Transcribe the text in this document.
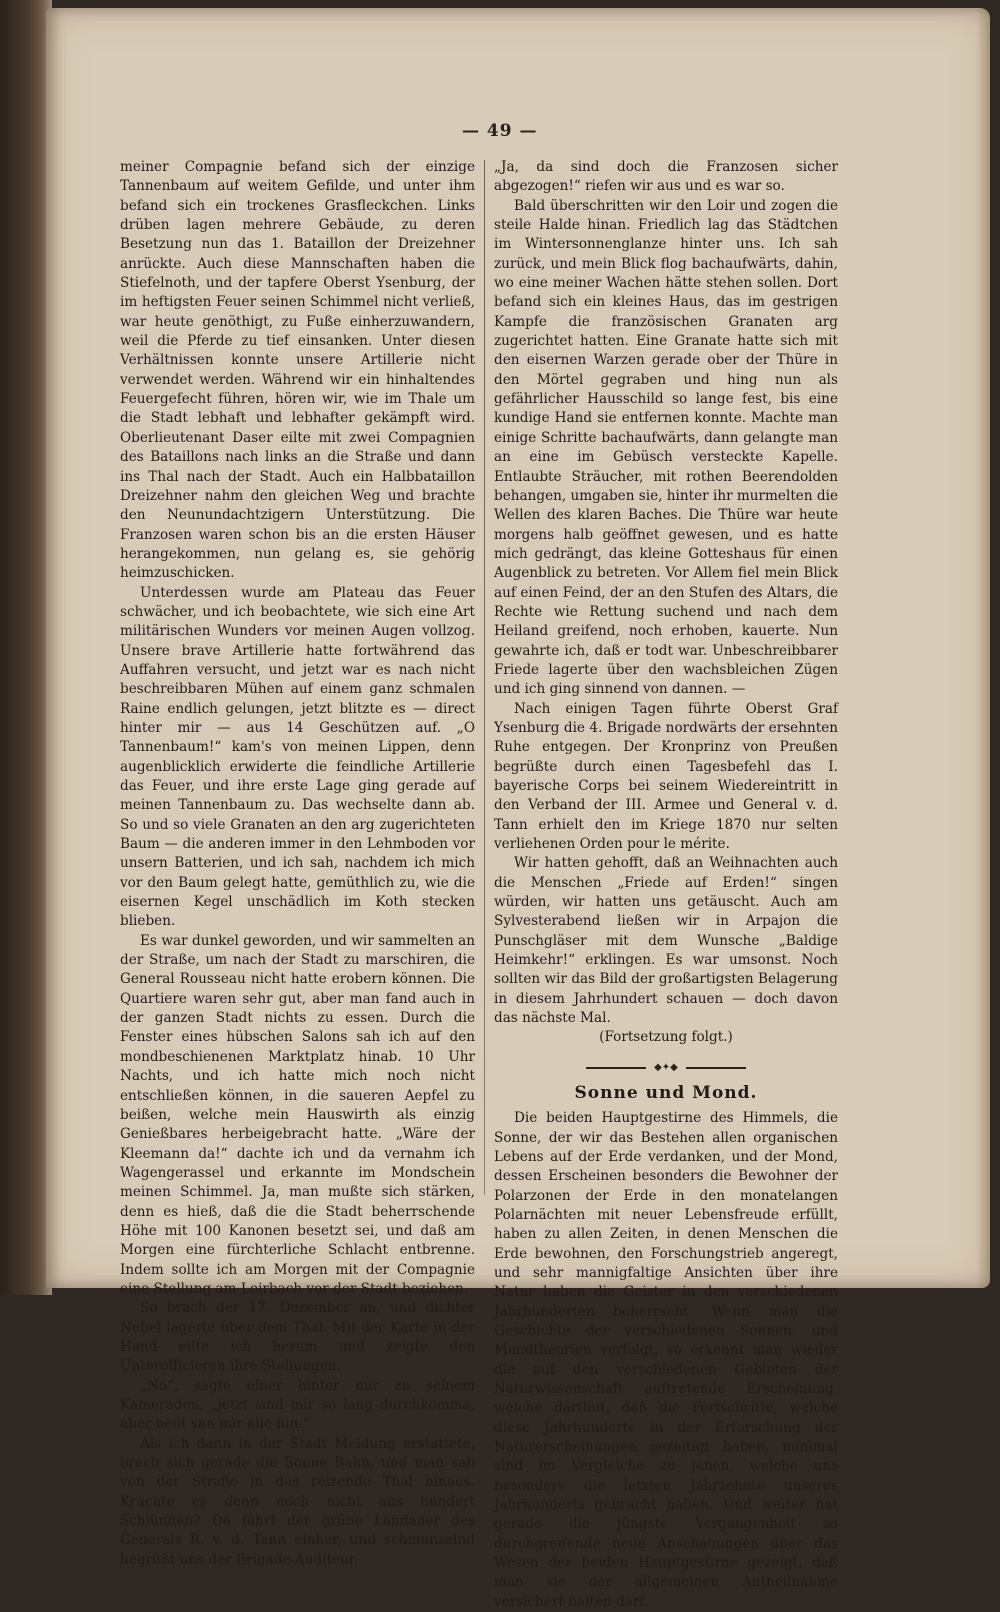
— 49 —

meiner Compagnie befand sich der einzige Tannenbaum auf weitem Gefilde, und unter ihm befand sich ein trockenes Grasfleckchen. Links drüben lagen mehrere Gebäude, zu deren Besetzung nun das 1. Bataillon der Dreizehner anrückte. Auch diese Mannschaften haben die Stiefelnoth, und der tapfere Oberst Ysenburg, der im heftigsten Feuer seinen Schimmel nicht verließ, war heute genöthigt, zu Fuße einherzuwandern, weil die Pferde zu tief einsanken. Unter diesen Verhältnissen konnte unsere Artillerie nicht verwendet werden. Während wir ein hinhaltendes Feuergefecht führen, hören wir, wie im Thale um die Stadt lebhaft und lebhafter gekämpft wird. Oberlieutenant Daser eilte mit zwei Compagnien des Bataillons nach links an die Straße und dann ins Thal nach der Stadt. Auch ein Halbbataillon Dreizehner nahm den gleichen Weg und brachte den Neunundachtzigern Unterstützung. Die Franzosen waren schon bis an die ersten Häuser herangekommen, nun gelang es, sie gehörig heimzuschicken.

Unterdessen wurde am Plateau das Feuer schwächer, und ich beobachtete, wie sich eine Art militärischen Wunders vor meinen Augen vollzog. Unsere brave Artillerie hatte fortwährend das Auffahren versucht, und jetzt war es nach nicht beschreibbaren Mühen auf einem ganz schmalen Raine endlich gelungen, jetzt blitzte es — direct hinter mir — aus 14 Geschützen auf. „O Tannenbaum!“ kam's von meinen Lippen, denn augenblicklich erwiderte die feindliche Artillerie das Feuer, und ihre erste Lage ging gerade auf meinen Tannenbaum zu. Das wechselte dann ab. So und so viele Granaten an den arg zugerichteten Baum — die anderen immer in den Lehmboden vor unsern Batterien, und ich sah, nachdem ich mich vor den Baum gelegt hatte, gemüthlich zu, wie die eisernen Kegel unschädlich im Koth stecken blieben.

Es war dunkel geworden, und wir sammelten an der Straße, um nach der Stadt zu marschiren, die General Rousseau nicht hatte erobern können. Die Quartiere waren sehr gut, aber man fand auch in der ganzen Stadt nichts zu essen. Durch die Fenster eines hübschen Salons sah ich auf den mondbeschienenen Marktplatz hinab. 10 Uhr Nachts, und ich hatte mich noch nicht entschließen können, in die saueren Aepfel zu beißen, welche mein Hauswirth als einzig Genießbares herbeigebracht hatte. „Wäre der Kleemann da!“ dachte ich und da vernahm ich Wagengerassel und erkannte im Mondschein meinen Schimmel. Ja, man mußte sich stärken, denn es hieß, daß die die Stadt beherrschende Höhe mit 100 Kanonen besetzt sei, und daß am Morgen eine fürchterliche Schlacht entbrenne. Indem sollte ich am Morgen mit der Compagnie eine Stellung am Loirbach vor der Stadt beziehen.

So brach der 17. Dezember an, und dichter Nebel lagerte über dem Thal. Mit der Karte in der Hand eilte ich herum und zeigte den Unterofficieren ihre Stellungen.

„No“, sagte einer hinter mir zu seinem Kameraden, „jetzt sind mir so lang durchkomma, aber heut san mir alle hin.“

Als ich dann in der Stadt Meldung erstattete, brach sich gerade die Sonne Bahn, und man sah von der Straße in das reizende Thal hinaus. Krachte es denn noch nicht aus hundert Schlünden? Da fährt der grüne Landauer des Generals R. v. d. Tann einher, und schmunzelnd begrüßt uns der Brigade-Auditeur.

„Ja, da sind doch die Franzosen sicher abgezogen!“ riefen wir aus und es war so.

Bald überschritten wir den Loir und zogen die steile Halde hinan. Friedlich lag das Städtchen im Wintersonnenglanze hinter uns. Ich sah zurück, und mein Blick flog bachaufwärts, dahin, wo eine meiner Wachen hätte stehen sollen. Dort befand sich ein kleines Haus, das im gestrigen Kampfe die französischen Granaten arg zugerichtet hatten. Eine Granate hatte sich mit den eisernen Warzen gerade ober der Thüre in den Mörtel gegraben und hing nun als gefährlicher Hausschild so lange fest, bis eine kundige Hand sie entfernen konnte. Machte man einige Schritte bachaufwärts, dann gelangte man an eine im Gebüsch versteckte Kapelle. Entlaubte Sträucher, mit rothen Beerendolden behangen, umgaben sie, hinter ihr murmelten die Wellen des klaren Baches. Die Thüre war heute morgens halb geöffnet gewesen, und es hatte mich gedrängt, das kleine Gotteshaus für einen Augenblick zu betreten. Vor Allem fiel mein Blick auf einen Feind, der an den Stufen des Altars, die Rechte wie Rettung suchend und nach dem Heiland greifend, noch erhoben, kauerte. Nun gewahrte ich, daß er todt war. Unbeschreibbarer Friede lagerte über den wachsbleichen Zügen und ich ging sinnend von dannen. —

Nach einigen Tagen führte Oberst Graf Ysenburg die 4. Brigade nordwärts der ersehnten Ruhe entgegen. Der Kronprinz von Preußen begrüßte durch einen Tagesbefehl das I. bayerische Corps bei seinem Wiedereintritt in den Verband der III. Armee und General v. d. Tann erhielt den im Kriege 1870 nur selten verliehenen Orden pour le mérite.

Wir hatten gehofft, daß an Weihnachten auch die Menschen „Friede auf Erden!“ singen würden, wir hatten uns getäuscht. Auch am Sylvesterabend ließen wir in Arpajon die Punschgläser mit dem Wunsche „Baldige Heimkehr!“ erklingen. Es war umsonst. Noch sollten wir das Bild der großartigsten Belagerung in diesem Jahrhundert schauen — doch davon das nächste Mal.

(Fortsetzung folgt.)

◆✦◆
Sonne und Mond.

Die beiden Hauptgestirne des Himmels, die Sonne, der wir das Bestehen allen organischen Lebens auf der Erde verdanken, und der Mond, dessen Erscheinen besonders die Bewohner der Polarzonen der Erde in den monatelangen Polarnächten mit neuer Lebensfreude erfüllt, haben zu allen Zeiten, in denen Menschen die Erde bewohnen, den Forschungstrieb angeregt, und sehr mannigfaltige Ansichten über ihre Natur haben die Geister in den verschiedenen Jahrhunderten beherrscht. Wenn man die Geschichte der verschiedenen Sonnen- und Mondtheorien verfolgt, so erkennt man wieder die auf den verschiedenen Gebieten der Naturwissenschaft auftretende Erscheinung, welche darthut, daß die Fortschritte, welche diese Jahrhunderte in der Erforschung der Naturerscheinungen gezeitigt haben, minimal sind im Vergleiche zu jenen, welche uns besonders die letzten Jahrzehnte unseres Jahrhunderts gebracht haben. Und weiter hat gerade die jüngste Vergangenheit so durchgreifende neue Anschauungen über das Wesen der beiden Hauptgestirne gezeigt, daß man sie der allgemeinen Antheilnahme versichert halten darf.
